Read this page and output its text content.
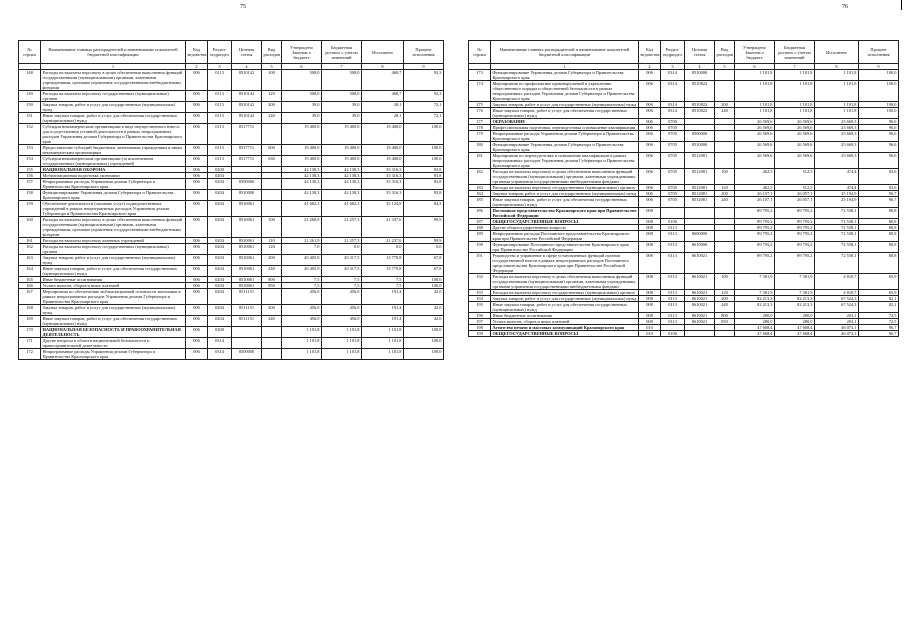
75
№ строки	Наименование главных распорядителей и наименование показателей бюджетной классификации	Код ведомства	Раздел-подраздел	Целевая статья	Вид расходов	Утверждено Законом о бюджете	Бюджетная роспись с учетом изменений	Исполнено	Процент исполнения
	1	2	3	4	5	6	7	8	9
148	Расходы на выплаты персоналу в целях обеспечения выполнения функций государственными (муниципальными) органами, казенными учреждениями, органами управления государственными внебюджетными фондами	006	0113	8510142	100	508,0	508,0	468,7	92,3
149	Расходы на выплаты персоналу государственных (муниципальных) органов	006	0113	8510142	120	508,0	508,0	468,7	92,3
150	Закупка товаров, работ и услуг для государственных (муниципальных) нужд	006	0113	8510142	200	39,0	39,0	28,1	72,1
151	Иные закупки товаров, работ и услуг для обеспечения государственных (муниципальных) нужд	006	0113	8510142	240	39,0	39,0	28,1	72,1
152	Субсидии некоммерческим организациям в виде имущественного взноса для осуществления уставной деятельности в рамках непрограммных расходов Управления делами Губернатора и Правительства Красноярского края	006	0113	8517711		19 400,0	19 400,0	19 400,0	100,0
153	Предоставление субсидий бюджетным, автономным учреждениям и иным некоммерческим организациям	006	0113	8517711	600	19 400,0	19 400,0	19 400,0	100,0
154	Субсидии некоммерческим организациям (за исключением государственных (муниципальных) учреждений)	006	0113	8517711	630	19 400,0	19 400,0	19 400,0	100,0
155	НАЦИОНАЛЬНАЯ ОБОРОНА	006	0200			42 138,3	42 138,3	35 316,3	83,8
156	Мобилизационная подготовка экономики	006	0204			42 138,3	42 138,3	35 316,3	83,8
157	Непрограммные расходы Управления делами Губернатора и Правительства Красноярского края	006	0204	8500000		42 138,3	42 138,3	35 316,3	83,8
158	Функционирование Управления делами Губернатора и Правительства Красноярского края	006	0204	8510000		42 138,3	42 138,3	35 316,3	83,8
159	Обеспечение деятельности (оказание услуг) подведомственных учреждений в рамках непрограммных расходов Управления делами Губернатора и Правительства Красноярского края	006	0204	8510061		41 682,3	41 682,3	35 124,9	84,3
160	Расходы на выплаты персоналу в целях обеспечения выполнения функций государственными (муниципальными) органами, казенными учреждениями, органами управления государственными внебюджетными фондами	006	0204	8510061	100	21 268,9	21 257,3	21 337,6	99,9
161	Расходы на выплаты персоналу казенных учреждений	006	0204	8510061	110	21 261,9	21 257,3	21 237,6	99,9
162	Расходы на выплаты персоналу государственных (муниципальных) органов	006	0204	8510061	120	7,0	0,0	0,0	0,0
163	Закупка товаров, работ и услуг для государственных (муниципальных) нужд	006	0204	8510061	200	20 405,9	20 317,5	13 779,8	67,8
164	Иные закупки товаров, работ и услуг для обеспечения государственных (муниципальных) нужд	006	0204	8510061	240	20 405,9	20 317,5	13 779,8	67,8
165	Иные бюджетные ассигнования	006	0204	8510061	800	7,5	7,5	7,5	100,0
166	Уплата налогов, сборов и иных платежей	006	0204	8510061	850	7,5	7,5	7,5	100,0
167	Мероприятия по обеспечению мобилизационной готовности экономики в рамках непрограммных расходов Управления делами Губернатора и Правительства Красноярского края	006	0204	8511151		456,0	456,0	191,4	42,0
168	Закупка товаров, работ и услуг для государственных (муниципальных) нужд	006	0204	8511151	200	456,0	456,0	191,4	42,0
169	Иные закупки товаров, работ и услуг для обеспечения государственных (муниципальных) нужд	006	0204	8511151	240	456,0	456,0	191,4	42,0
170	НАЦИОНАЛЬНАЯ БЕЗОПАСНОСТЬ И ПРАВООХРАНИТЕЛЬНАЯ ДЕЯТЕЛЬНОСТЬ	006	0300			1 101,8	1 101,8	1 101,8	100,0
171	Другие вопросы в области национальной безопасности и правоохранительной деятельности	006	0314			1 101,8	1 101,8	1 101,8	100,0
172	Непрограммные расходы Управления делами Губернатора и Правительства Красноярского края	006	0314	8500000		1 101,8	1 101,8	1 101,8	100,0
76
№ строки	Наименование главных распорядителей и наименование показателей бюджетной классификации	Код ведомства	Раздел-подраздел	Целевая статья	Вид расходов	Утверждено Законом о бюджете	Бюджетная роспись с учетом изменений	Исполнено	Процент исполнения
	1	2	3	4	5	6	7	8	9
173	Функционирование Управления делами Губернатора и Правительства Красноярского края	006	0314	8510000		1 101,8	1 101,8	1 101,8	100,0
174	Мероприятия по профилактике правонарушений и укреплению общественного порядка и общественной безопасности в рамках непрограммных расходов Управления делами Губернатора и Правительства Красноярского края	006	0314	8510822		1 101,8	1 101,8	1 101,8	100,0
175	Закупка товаров, работ и услуг для государственных (муниципальных) нужд	006	0314	8510822	200	1 101,8	1 101,8	1 101,8	100,0
176	Иные закупки товаров, работ и услуг для обеспечения государственных (муниципальных) нужд	006	0314	8510822	240	1 101,8	1 101,8	1 101,8	100,0
177	ОБРАЗОВАНИЕ	006	0700			26 569,6	26 569,6	25 669,3	96,6
178	Профессиональная подготовка, переподготовка и повышение квалификации	006	0705			26 569,6	26 569,6	25 669,3	96,6
179	Непрограммные расходы Управления делами Губернатора и Правительства Красноярского края	006	0705	8500000		26 569,6	26 569,6	25 669,3	96,6
180	Функционирование Управления делами Губернатора и Правительства Красноярского края	006	0705	8510000		26 569,6	26 569,6	25 669,3	96,6
181	Мероприятия по переподготовке и повышению квалификации в рамках непрограммных расходов Управления делами Губернатора и Правительства Красноярского края	006	0705	8512081		26 569,6	26 569,6	25 669,3	96,6
182	Расходы на выплаты персоналу в целях обеспечения выполнения функций государственными (муниципальными) органами, казенными учреждениями, органами управления государственными внебюджетными фондами	006	0705	8512081	100	462,5	512,5	474,4	92,6
183	Расходы на выплаты персоналу государственных (муниципальных) органов	006	0705	8512081	120	462,5	512,5	474,4	92,6
184	Закупка товаров, работ и услуг для государственных (муниципальных) нужд	006	0705	8512081	200	26 107,1	26 057,1	25 194,9	96,7
185	Иные закупки товаров, работ и услуг для обеспечения государственных (муниципальных) нужд	006	0705	8512081	240	26 107,1	26 057,1	25 194,9	96,7
186	Постоянное представительство Красноярского края при Правительстве Российской Федерации	008				89 795,2	89 795,2	72 538,1	80,8
187	ОБЩЕГОСУДАРСТВЕННЫЕ ВОПРОСЫ	008	0100			89 795,2	89 795,2	72 538,1	80,8
188	Другие общегосударственные вопросы	008	0113			89 795,2	89 795,2	72 538,1	80,8
189	Непрограммные расходы Постоянного представительства Красноярского края при Правительстве Российской Федерации	008	0113	8600000		89 795,2	89 795,2	72 538,1	80,8
190	Функционирование Постоянного представительства Красноярского края при Правительстве Российской Федерации	008	0113	8610000		89 795,2	89 795,2	72 538,1	80,8
191	Руководство и управление в сфере установленных функций органов государственной власти в рамках непрограммных расходов Постоянного представительства Красноярского края при Правительстве Российской Федерации	008	0113	8610021		89 795,2	89 795,2	72 538,1	80,8
192	Расходы на выплаты персоналу в целях обеспечения выполнения функций государственными (муниципальными) органами, казенными учреждениями, органами управления государственными внебюджетными фондами	008	0113	8610021	100	7 301,9	7 301,9	4 810,7	65,9
193	Расходы на выплаты персоналу государственных (муниципальных) органов	008	0113	8610021	120	7 301,9	7 301,9	4 810,7	65,9
194	Закупка товаров, работ и услуг для государственных (муниципальных) нужд	008	0113	8610021	200	82 213,3	82 213,3	67 524,3	82,1
195	Иные закупки товаров, работ и услуг для обеспечения государственных (муниципальных) нужд	008	0113	8610021	240	82 213,3	82 213,3	67 524,3	82,1
196	Иные бюджетные ассигнования	008	0113	8610021	800	280,0	280,0	203,1	72,5
197	Уплата налогов, сборов и иных платежей	008	0113	8610021	850	280,0	280,0	203,1	72,5
198	Агентство печати и массовых коммуникаций Красноярского края	010				47 668,4	47 668,4	46 073,1	96,7
199	ОБЩЕГОСУДАРСТВЕННЫЕ ВОПРОСЫ	010	0100			47 668,4	47 668,4	46 073,1	96,7
